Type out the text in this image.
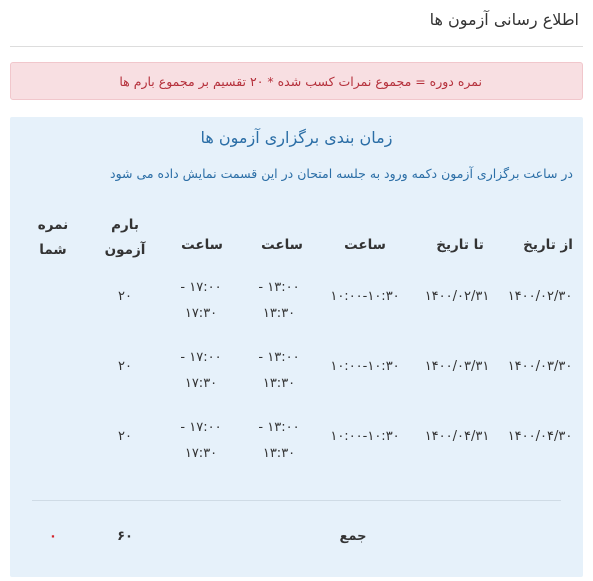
اطلاع رسانی آزمون ها
نمره دوره = مجموع نمرات کسب شده * ۲۰ تقسیم بر مجموع بارم ها
زمان بندی برگزاری آزمون ها
در ساعت برگزاری آزمون دکمه ورود به جلسه امتحان در این قسمت نمایش داده می شود
از تاریخ
تا تاریخ
ساعت
ساعت
ساعت
بارم
آزمون
نمره
شما
۱۴۰۰/۰۲/۳۰
۱۴۰۰/۰۲/۳۱
۱۰:۰۰-۱۰:۳۰
۱۳:۰۰ -
۱۳:۳۰
۱۷:۰۰ -
۱۷:۳۰
۲۰
۱۴۰۰/۰۳/۳۰
۱۴۰۰/۰۳/۳۱
۱۰:۰۰-۱۰:۳۰
۱۳:۰۰ -
۱۳:۳۰
۱۷:۰۰ -
۱۷:۳۰
۲۰
۱۴۰۰/۰۴/۳۰
۱۴۰۰/۰۴/۳۱
۱۰:۰۰-۱۰:۳۰
۱۳:۰۰ -
۱۳:۳۰
۱۷:۰۰ -
۱۷:۳۰
۲۰
جمع
۶۰
۰
